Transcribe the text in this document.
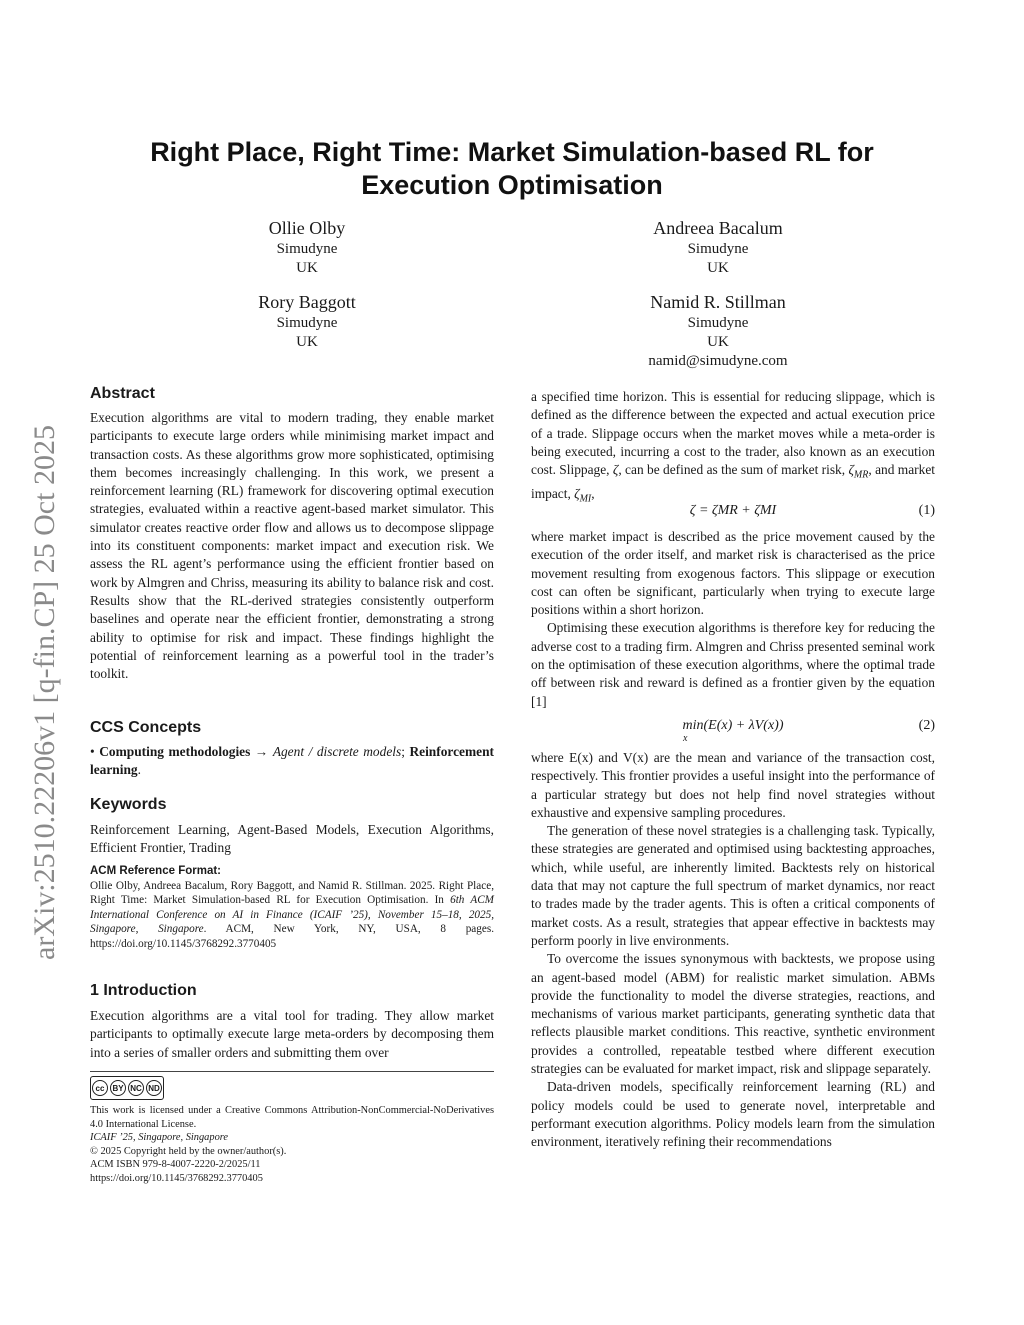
arXiv:2510.22206v1 [q-fin.CP] 25 Oct 2025
Right Place, Right Time: Market Simulation-based RL for
Execution Optimisation
Ollie Olby
Simudyne
UK
Andreea Bacalum
Simudyne
UK
Rory Baggott
Simudyne
UK
Namid R. Stillman
Simudyne
UK
namid@simudyne.com
Abstract

Execution algorithms are vital to modern trading, they enable market participants to execute large orders while minimising market impact and transaction costs. As these algorithms grow more sophisticated, optimising them becomes increasingly challenging. In this work, we present a reinforcement learning (RL) framework for discovering optimal execution strategies, evaluated within a reactive agent-based market simulator. This simulator creates reactive order flow and allows us to decompose slippage into its constituent components: market impact and execution risk. We assess the RL agent’s performance using the efficient frontier based on work by Almgren and Chriss, measuring its ability to balance risk and cost. Results show that the RL-derived strategies consistently outperform baselines and operate near the efficient frontier, demonstrating a strong ability to optimise for risk and impact. These findings highlight the potential of reinforcement learning as a powerful tool in the trader’s toolkit.

CCS Concepts
• Computing methodologies → Agent / discrete models; Reinforcement learning.
Keywords

Reinforcement Learning, Agent-Based Models, Execution Algorithms, Efficient Frontier, Trading

ACM Reference Format:
Ollie Olby, Andreea Bacalum, Rory Baggott, and Namid R. Stillman. 2025. Right Place, Right Time: Market Simulation-based RL for Execution Optimisation. In 6th ACM International Conference on AI in Finance (ICAIF ’25), November 15–18, 2025, Singapore, Singapore. ACM, New York, NY, USA, 8 pages. https://doi.org/10.1145/3768292.3770405
1 Introduction

Execution algorithms are a vital tool for trading. They allow market participants to optimally execute large meta-orders by decomposing them into a series of smaller orders and submitting them over

cc BY NC ND
This work is licensed under a Creative Commons Attribution-NonCommercial-NoDerivatives 4.0 International License.
ICAIF ’25, Singapore, Singapore
© 2025 Copyright held by the owner/author(s).
ACM ISBN 979-8-4007-2220-2/2025/11
https://doi.org/10.1145/3768292.3770405
a specified time horizon. This is essential for reducing slippage, which is defined as the difference between the expected and actual execution price of a trade. Slippage occurs when the market moves while a meta-order is being executed, incurring a cost to the trader, also known as an execution cost. Slippage, ζ, can be defined as the sum of market risk, $\zeta_{MR}$, and market impact, $\zeta_{MI}$,
ζ = ζMR + ζMI	(1)

where market impact is described as the price movement caused by the execution of the order itself, and market risk is characterised as the price movement resulting from exogenous factors. This slippage or execution cost can often be significant, particularly when trying to execute large positions within a short horizon.

Optimising these execution algorithms is therefore key for reducing the adverse cost to a trading firm. Almgren and Chriss presented seminal work on the optimisation of these execution algorithms, where the optimal trade off between risk and reward is defined as a frontier given by the equation [1]

min(E(x) + λV(x))
x
(2)

where E(x) and V(x) are the mean and variance of the transaction cost, respectively. This frontier provides a useful insight into the performance of a particular strategy but does not help find novel strategies without exhaustive and expensive sampling procedures.

The generation of these novel strategies is a challenging task. Typically, these strategies are generated and optimised using backtesting approaches, which, while useful, are inherently limited. Backtests rely on historical data that may not capture the full spectrum of market dynamics, nor react to trades made by the trader agents. This is often a critical components of market costs. As a result, strategies that appear effective in backtests may perform poorly in live environments.

To overcome the issues synonymous with backtests, we propose using an agent-based model (ABM) for realistic market simulation. ABMs provide the functionality to model the diverse strategies, reactions, and mechanisms of various market participants, generating synthetic data that reflects plausible market conditions. This reactive, synthetic environment provides a controlled, repeatable testbed where different execution strategies can be evaluated for market impact, risk and slippage separately.

Data-driven models, specifically reinforcement learning (RL) and policy models could be used to generate novel, interpretable and performant execution algorithms. Policy models learn from the simulation environment, iteratively refining their recommendations
